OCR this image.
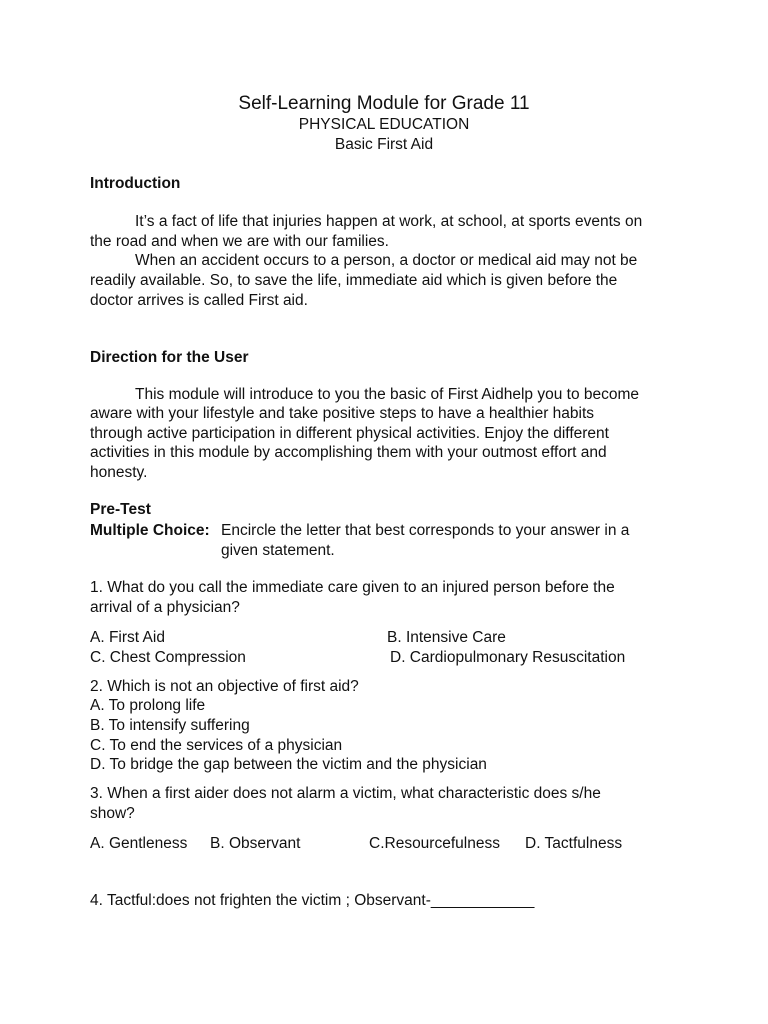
Self-Learning Module for Grade 11
PHYSICAL EDUCATION
Basic First Aid
Introduction
It’s a fact of life that injuries happen at work, at school, at sports events on
the road and when we are with our families.
When an accident occurs to a person, a doctor or medical aid may not be
readily available. So, to save the life, immediate aid which is given before the
doctor arrives is called First aid.
Direction for the User
This module will introduce to you the basic of First Aidhelp you to become
aware with your lifestyle and take positive steps to have a healthier habits
through active participation in different physical activities. Enjoy the different
activities in this module by accomplishing them with your outmost effort and
honesty.
Pre-Test
Multiple Choice: Encircle the letter that best corresponds to your answer in a
given statement.
1. What do you call the immediate care given to an injured person before the
arrival of a physician?
A. First Aid	B. Intensive Care
C. Chest Compression	D. Cardiopulmonary Resuscitation
2. Which is not an objective of first aid?
A. To prolong life
B. To intensify suffering
C. To end the services of a physician
D. To bridge the gap between the victim and the physician
3. When a first aider does not alarm a victim, what characteristic does s/he
show?
A. Gentleness B. Observant	C.Resourcefulness D. Tactfulness
4. Tactful:does not frighten the victim ; Observant-____________
